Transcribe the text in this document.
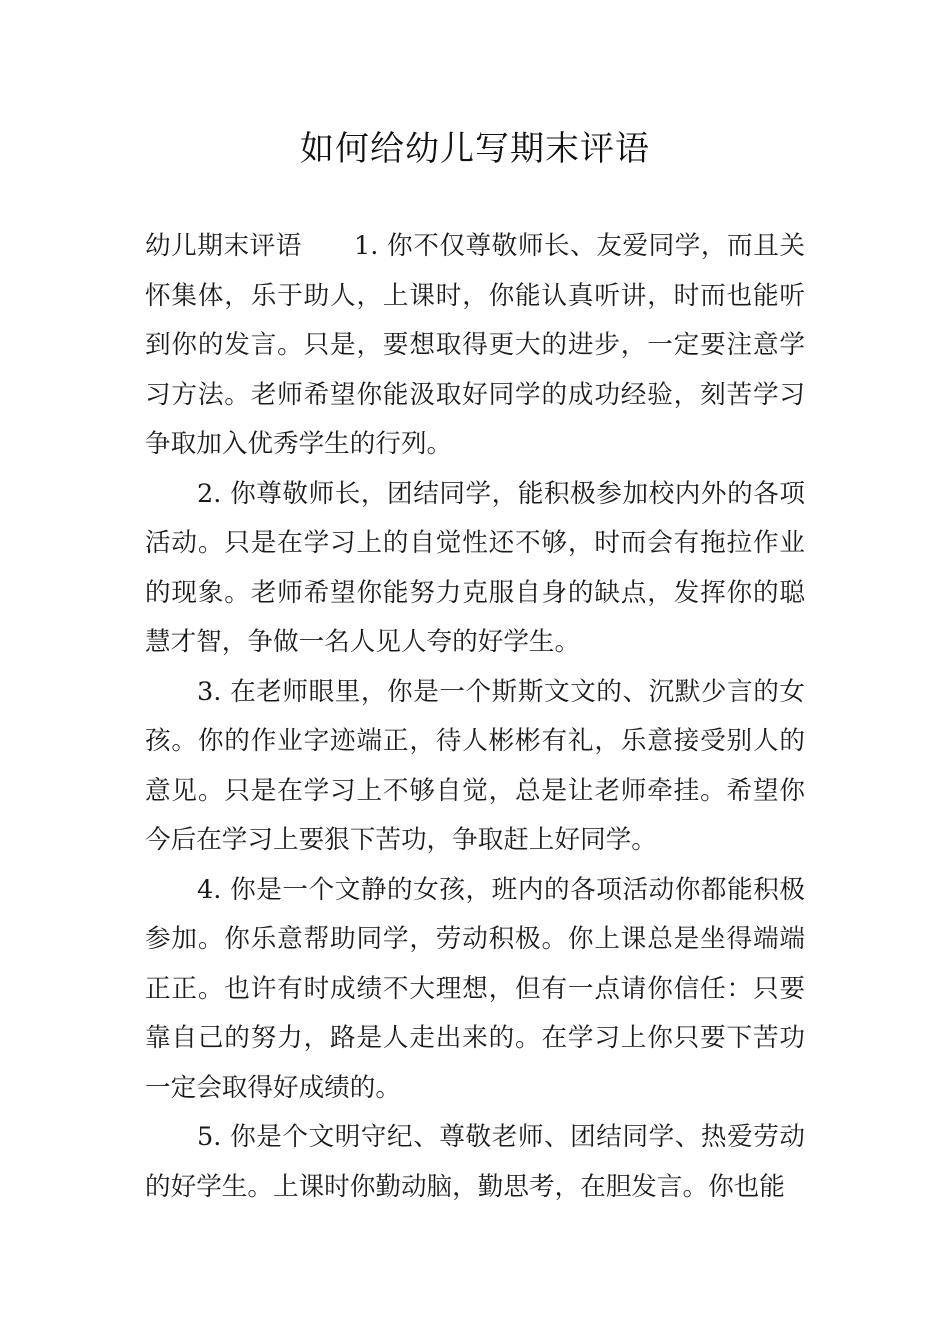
如何给幼儿写期末评语

幼儿期末评语 1. 你不仅尊敬师长、友爱同学，而且关怀集体，乐于助人，上课时，你能认真听讲，时而也能听到你的发言。只是，要想取得更大的进步，一定要注意学习方法。老师希望你能汲取好同学的成功经验，刻苦学习争取加入优秀学生的行列。

2. 你尊敬师长，团结同学，能积极参加校内外的各项活动。只是在学习上的自觉性还不够，时而会有拖拉作业的现象。老师希望你能努力克服自身的缺点，发挥你的聪慧才智，争做一名人见人夸的好学生。

3. 在老师眼里，你是一个斯斯文文的、沉默少言的女孩。你的作业字迹端正，待人彬彬有礼，乐意接受别人的意见。只是在学习上不够自觉，总是让老师牵挂。希望你今后在学习上要狠下苦功，争取赶上好同学。

4. 你是一个文静的女孩，班内的各项活动你都能积极参加。你乐意帮助同学，劳动积极。你上课总是坐得端端正正。也许有时成绩不大理想，但有一点请你信任：只要靠自己的努力，路是人走出来的。在学习上你只要下苦功一定会取得好成绩的。

5. 你是个文明守纪、尊敬老师、团结同学、热爱劳动的好学生。上课时你勤动脑，勤思考，在胆发言。你也能
